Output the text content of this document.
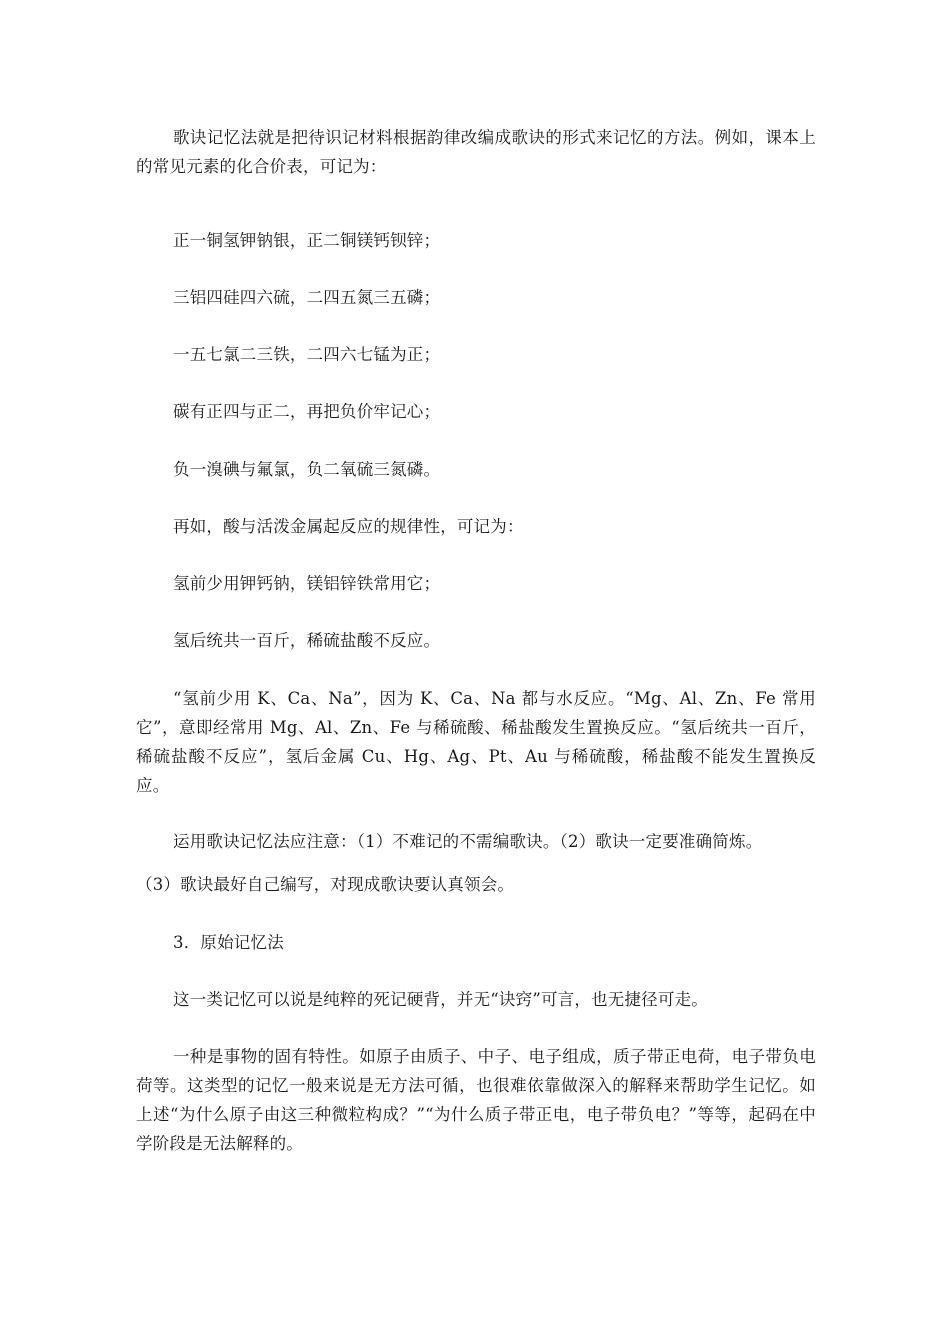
歌诀记忆法就是把待识记材料根据韵律改编成歌诀的形式来记忆的方法。例如，课本上的常见元素的化合价表，可记为：

正一铜氢钾钠银，正二铜镁钙钡锌；

三铝四硅四六硫，二四五氮三五磷；

一五七氯二三铁，二四六七锰为正；

碳有正四与正二，再把负价牢记心；

负一溴碘与氟氯，负二氧硫三氮磷。

再如，酸与活泼金属起反应的规律性，可记为：

氢前少用钾钙钠，镁铝锌铁常用它；

氢后统共一百斤，稀硫盐酸不反应。

“氢前少用 K、Ca、Na”，因为 K、Ca、Na 都与水反应。“Mg、Al、Zn、Fe 常用它”，意即经常用 Mg、Al、Zn、Fe 与稀硫酸、稀盐酸发生置换反应。“氢后统共一百斤，稀硫盐酸不反应”，氢后金属 Cu、Hg、Ag、Pt、Au 与稀硫酸，稀盐酸不能发生置换反应。

运用歌诀记忆法应注意：（1）不难记的不需编歌诀。（2）歌诀一定要准确简炼。

（3）歌诀最好自己编写，对现成歌诀要认真领会。

3．原始记忆法

这一类记忆可以说是纯粹的死记硬背，并无“诀窍”可言，也无捷径可走。

一种是事物的固有特性。如原子由质子、中子、电子组成，质子带正电荷，电子带负电荷等。这类型的记忆一般来说是无方法可循，也很难依靠做深入的解释来帮助学生记忆。如上述“为什么原子由这三种微粒构成？”“为什么质子带正电，电子带负电？”等等，起码在中学阶段是无法解释的。
